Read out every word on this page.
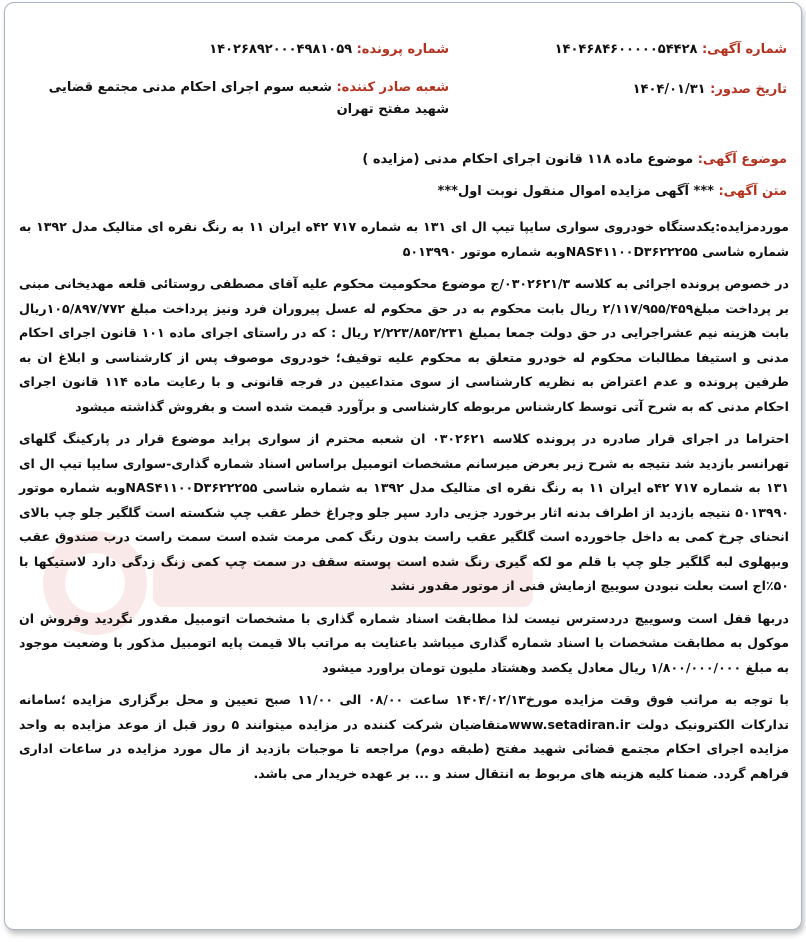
شماره آگهی: ۱۴۰۴۶۸۴۶۰۰۰۰۰۵۴۴۲۸
شماره پرونده: ۱۴۰۲۶۸۹۲۰۰۰۴۹۸۱۰۵۹
تاریخ صدور: ۱۴۰۴/۰۱/۳۱
شعبه صادر کننده: شعبه سوم اجرای احکام مدنی مجتمع قضایی شهید مفتح تهران
موضوع آگهی: موضوع ماده ۱۱۸ قانون اجرای احکام مدنی (مزایده )
متن آگهی: *** آگهی مزایده اموال منقول نوبت اول***

موردمزایده:یکدستگاه خودروی سواری سایپا تیپ ال ای ۱۳۱ به شماره ۷۱۷ ۴۲ه ایران ۱۱ به رنگ نقره ای متالیک مدل ۱۳۹۲ به شماره شاسی NAS۴۱۱۰۰D۳۶۲۲۲۵۵وبه شماره موتور ۵۰۱۳۹۹۰

در خصوص پرونده اجرائی به کلاسه ۰۳۰۲۶۲۱/۳/ج موضوع محکومیت محکوم علیه آقای مصطفی روستائی قلعه مهدیخانی مبنی بر پرداخت مبلغ۲/۱۱۷/۹۵۵/۴۵۹ ریال بابت محکوم به در حق محکوم له عسل پیروران فرد ونیز پرداخت مبلغ ۱۰۵/۸۹۷/۷۷۲ریال بابت هزینه نیم عشراجرایی در حق دولت جمعا بمبلغ ۲/۲۲۳/۸۵۳/۲۳۱ ریال : که در راستای اجرای ماده ۱۰۱ قانون اجرای احکام مدنی و استیفا مطالبات محکوم له خودرو متعلق به محکوم علیه توقیف؛ خودروی موصوف پس از کارشناسی و ابلاغ ان به طرفین پرونده و عدم اعتراض به نظریه کارشناسی از سوی متداعیین در فرجه قانونی و با رعایت ماده ۱۱۴ قانون اجرای احکام مدنی که به شرح آتی توسط کارشناس مربوطه کارشناسی و برآورد قیمت شده است و بفروش گذاشته میشود

احتراما در اجرای قرار صادره در پرونده کلاسه ۰۳۰۲۶۲۱ ان شعبه محترم از سواری پراید موضوع قرار در پارکینگ گلهای تهرانسر بازدید شد نتیجه به شرح زیر بعرض میرسانم مشخصات اتومبیل براساس اسناد شماره گذاری-سواری سایپا تیپ ال ای ۱۳۱ به شماره ۷۱۷ ۴۲ه ایران ۱۱ به رنگ نقره ای متالیک مدل ۱۳۹۲ به شماره شاسی NAS۴۱۱۰۰D۳۶۲۲۲۵۵وبه شماره موتور ۵۰۱۳۹۹۰ نتیجه بازدید از اطراف بدنه اثار برخورد جزیی دارد سپر جلو وچراغ خطر عقب چپ شکسته است گلگیر جلو چپ بالای انحنای چرخ کمی به داخل جاخورده است گلگیر عقب راست بدون رنگ کمی مرمت شده است سمت راست درب صندوق عقب وبپهلوی لبه گلگیر جلو چپ با قلم مو لکه گیری رنگ شده است پوسته سقف در سمت چپ کمی زنگ زدگی دارد لاستیکها با ۵۰٪اج است بعلت نبودن سوییچ ازمایش فنی از موتور مقدور نشد

دربها قفل است وسوییچ دردسترس نیست لذا مطابقت اسناد شماره گذاری با مشخصات اتومبیل مقدور نگردید وفروش ان موکول به مطابقت مشخصات با اسناد شماره گذاری میباشد باعنایت به مراتب بالا قیمت پایه اتومبیل مذکور با وضعیت موجود به مبلغ ۱/۸۰۰/۰۰۰/۰۰۰ ریال معادل یکصد وهشتاد ملیون تومان براورد میشود

با توجه به مراتب فوق وقت مزایده مورخ۱۴۰۴/۰۲/۱۳ ساعت ۰۸/۰۰ الی ۱۱/۰۰ صبح تعیین و محل برگزاری مزایده ؛سامانه تدارکات الکترونیک دولت www.setadiran.irمتقاضیان شرکت کننده در مزایده میتوانند ۵ روز قبل از موعد مزایده به واحد مزایده اجرای احکام مجتمع قضائی شهید مفتح (طبقه دوم) مراجعه تا موجبات بازدید از مال مورد مزایده در ساعات اداری فراهم گردد. ضمنا کلیه هزینه های مربوط به انتقال سند و ... بر عهده خریدار می باشد.
